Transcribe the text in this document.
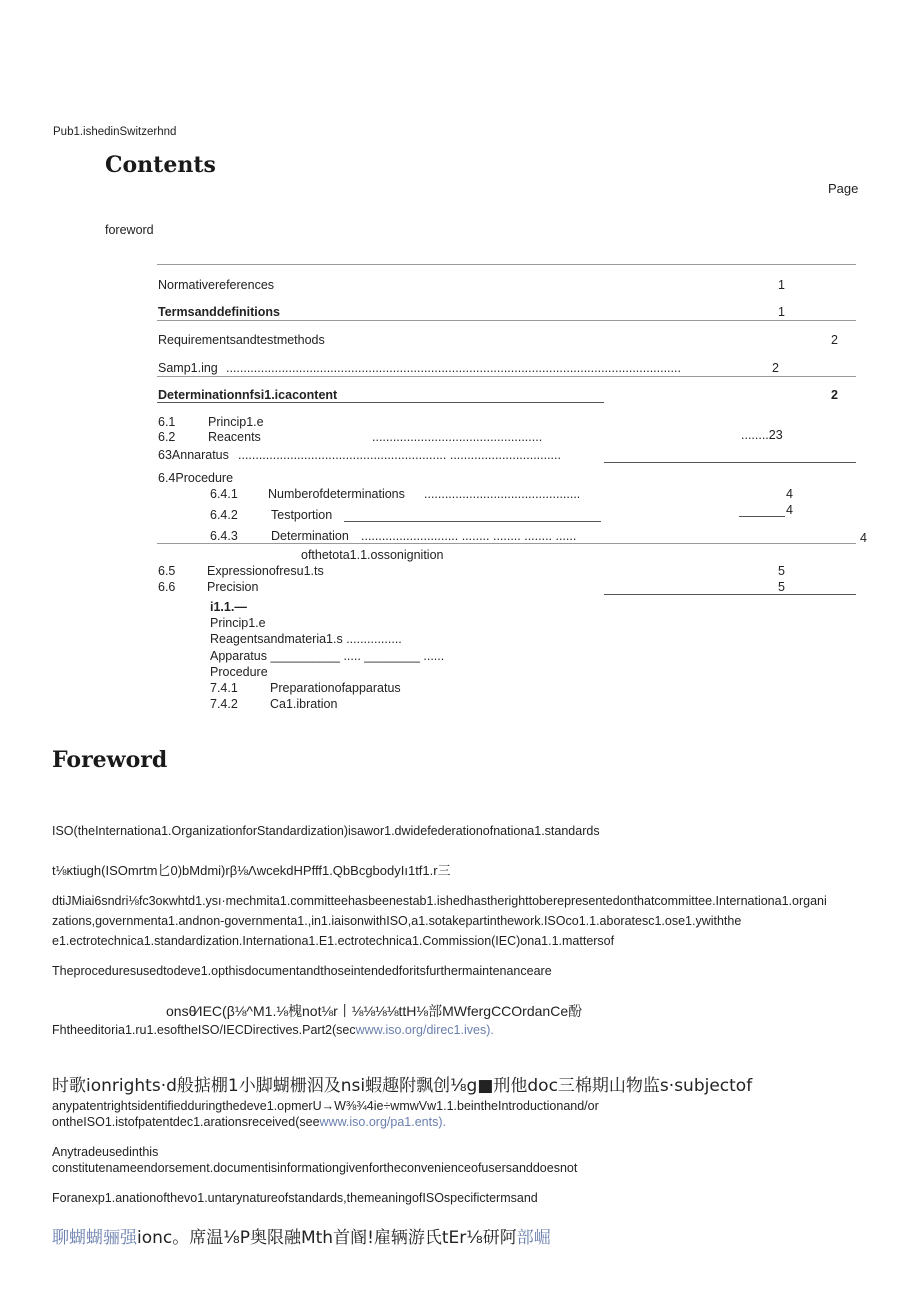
Pub1.ishedinSwitzerhnd
Contents
Page
foreword
Normativereferences	1
Termsanddefinitions	1
Requirementsandtestmethods	2
Samp1.ing ...................................................................................................................................	2
Determinationnfsi1.icacontent	2
6.1	Princip1.e
6.2	Reacents	.................................................	........23
63Annaratus ............................................................ ................................
6.4Procedure
6.4.1 Numberofdeterminations .............................................	4
6.4.2	Testportion	4
6.4.3	Determination ............................ ........ ........ ........ ......	4
ofthetota1.1.ossonignition
6.5	Expressionofresu1.ts	5
6.6	Precision	5
i1.1.—
Princip1.e
Reagentsandmateria1.s ................
Apparatus __________ ..... ________ ......
Procedure
7.4.1	Preparationofapparatus
7.4.2	Ca1.ibration
Foreword
ISO(theInternationa1.OrganizationforStandardization)isawor1.dwidefederationofnationa1.standards
t⅛κtiugh(ISOmrtm匕0)bMdmi)rβ⅛ΛwcekdHPfff1.QbBcgbodyIı1tf1.r三
dtiJMiai6sndri⅛fc3oκwhtd1.ysı·mechmita1.committeehasbeenestab1.ishedhastherighttoberepresentedonthatcommittee.Internationa1.organi
zations,governmenta1.andnon-governmenta1.,in1.iaisonwithISO,a1.sotakepartinthework.ISOco1.1.aboratesc1.ose1.ywiththe
e1.ectrotechnica1.standardization.Internationa1.E1.ectrotechnica1.Commission(IEC)ona1.1.mattersof
Theproceduresusedtodeve1.opthisdocumentandthoseintendedforitsfurthermaintenanceare
onsθ⁄IEC(β⅛^M1.⅛槐not⅛r丨⅛⅛⅛⅛ttH⅛部MWfergCCOrdanCe酚
Fhtheeditoria1.ru1.esoftheISO/IECDirectives.Part2(secwww.iso.org/direc1.ives).
时歌ionrights·d般掂棚1小脚蝴栅泅及nsi蝦趣附飘创⅛g■刑他doc三棉期山物监s·subjectof
anypatentrightsidentifiedduringthedeve1.opmerU→W⅜¾4ie÷wmwVw1.1.beintheIntroductionand/or
ontheISO1.istofpatentdec1.arationsreceived(seewww.iso.org/pa1.ents).
Anytradeusedinthis
constitutenameendorsement.documentisinformationgivenfortheconvenienceofusersanddoesnot
Foranexp1.anationofthevo1.untarynatureofstandards,themeaningofISOspecifictermsand
聊蝴蝴骊强ionc。席温⅛P奥限融Mth首阍!雇辆游氏tEr⅛研阿部崛
